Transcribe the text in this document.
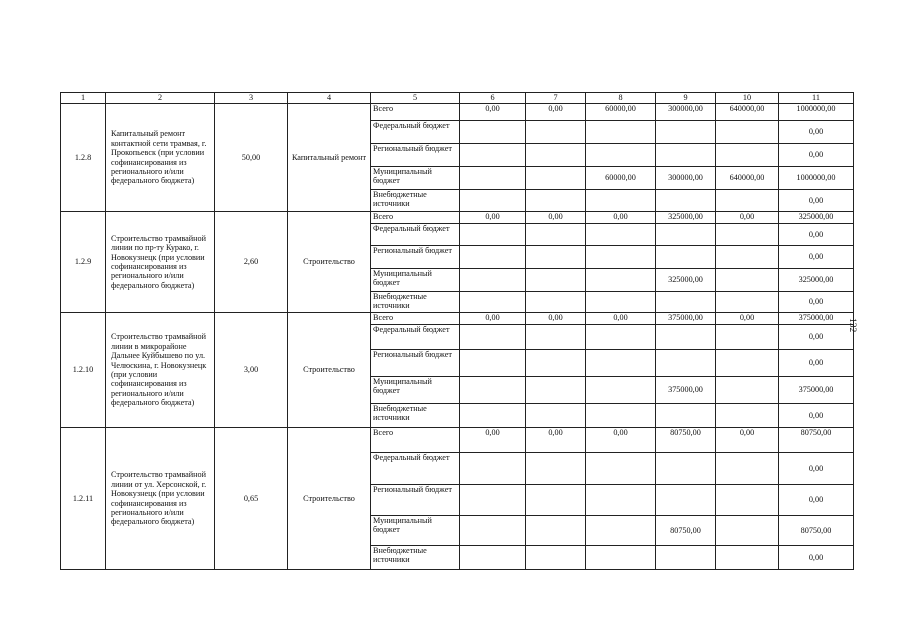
1	2	3	4	5	6	7	8	9	10	11
1.2.8	Капитальный ремонт контактной сети трамвая, г. Прокопьевск (при условии софинансирования из регионального и/или федерального бюджета)	50,00	Капитальный ремонт	Всего	0,00	0,00	60000,00	300000,00	640000,00	1000000,00
				Федеральный бюджет						0,00
				Региональный бюджет						0,00
				Муниципальный бюджет			60000,00	300000,00	640000,00	1000000,00
				Внебюджетные источники						0,00
1.2.9	Строительство трамвайной линии по пр-ту Курако, г. Новокузнецк (при условии софинансирования из регионального и/или федерального бюджета)	2,60	Строительство	Всего	0,00	0,00	0,00	325000,00	0,00	325000,00
				Федеральный бюджет						0,00
				Региональный бюджет						0,00
				Муниципальный бюджет				325000,00		325000,00
				Внебюджетные источники						0,00
1.2.10	Строительство трамвайной линии в микрорайоне Дальнее Куйбышево по ул. Челюскина, г. Новокузнецк (при условии софинансирования из регионального и/или федерального бюджета)	3,00	Строительство	Всего	0,00	0,00	0,00	375000,00	0,00	375000,00
				Федеральный бюджет						0,00
				Региональный бюджет						0,00
				Муниципальный бюджет				375000,00		375000,00
				Внебюджетные источники						0,00
1.2.11	Строительство трамвайной линии от ул. Херсонской, г. Новокузнецк (при условии софинансирования из регионального и/или федерального бюджета)	0,65	Строительство	Всего	0,00	0,00	0,00	80750,00	0,00	80750,00
				Федеральный бюджет						0,00
				Региональный бюджет						0,00
				Муниципальный бюджет				80750,00		80750,00
				Внебюджетные источники						0,00
132
